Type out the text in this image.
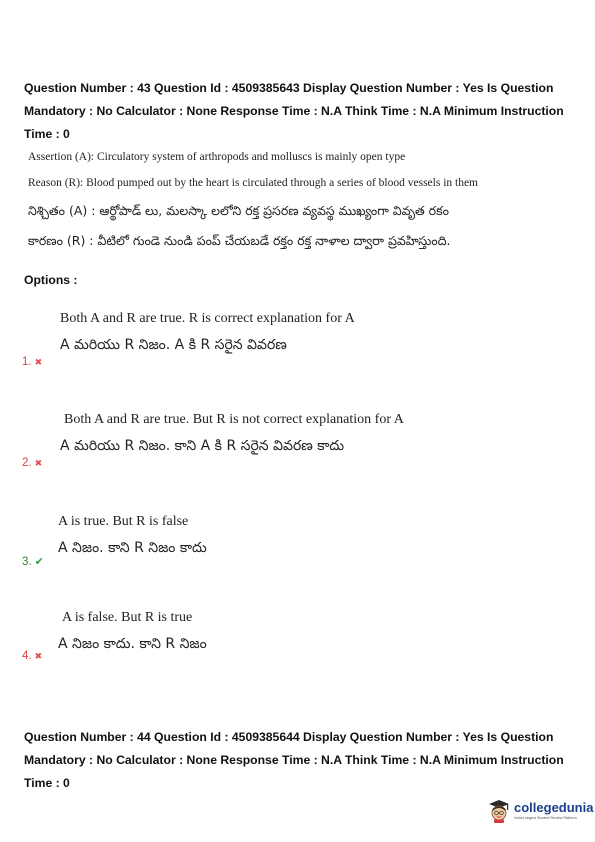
Question Number : 43 Question Id : 4509385643 Display Question Number : Yes Is Question Mandatory : No Calculator : None Response Time : N.A Think Time : N.A Minimum Instruction Time : 0
Assertion (A): Circulatory system of arthropods and molluscs is mainly open type
Reason (R): Blood pumped out by the heart is circulated through a series of blood vessels in them
నిశ్చితం (A) : ఆర్థోపాడ్ లు, మలస్కా లలోని రక్త ప్రసరణ వ్యవస్థ ముఖ్యంగా వివృత రకం
కారణం (R) : వీటిలో గుండె నుండి పంప్ చేయబడే రక్తం రక్త నాళాల ద్వారా ప్రవహిస్తుంది.
Options :
Both A and R are true. R is correct explanation for A
A మరియు R నిజం. A కి R సరైన వివరణ
1. ✖
Both A and R are true. But R is not correct explanation for A
A మరియు R నిజం. కాని A కి R సరైన వివరణ కాదు
2. ✖
A is true. But R is false
A నిజం. కాని R నిజం కాదు
3. ✔
A is false. But R is true
A నిజం కాదు. కాని R నిజం
4. ✖
Question Number : 44 Question Id : 4509385644 Display Question Number : Yes Is Question Mandatory : No Calculator : None Response Time : N.A Think Time : N.A Minimum Instruction Time : 0
collegedunia
India's largest Student Review Platform
